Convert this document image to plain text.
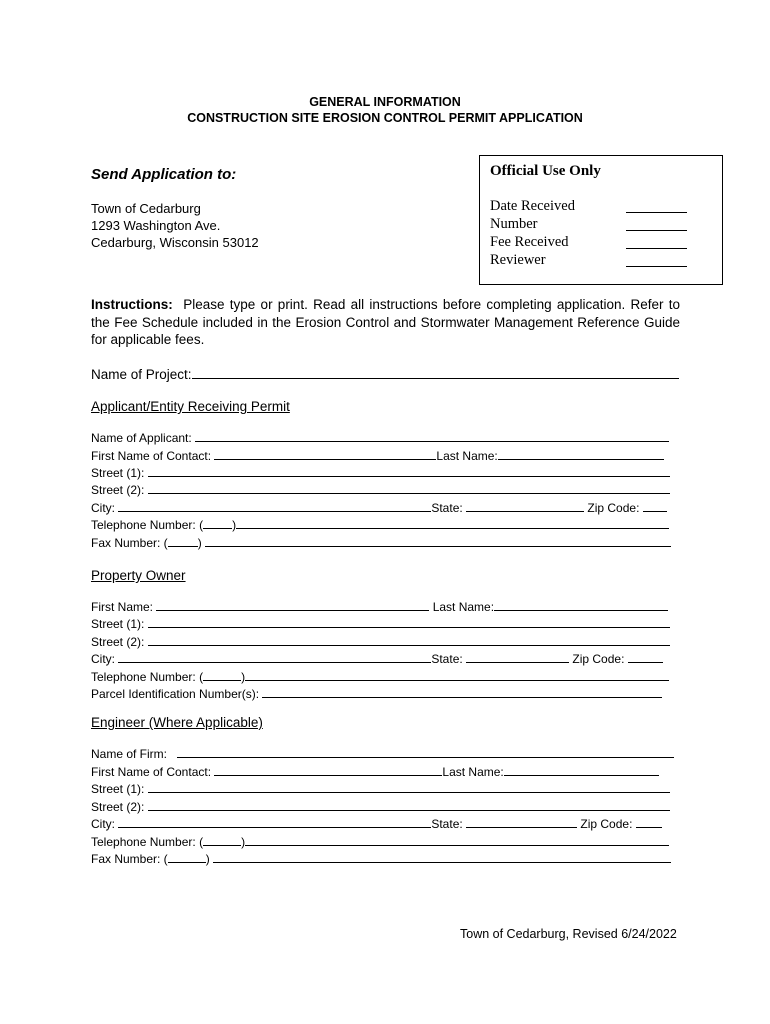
GENERAL INFORMATION
CONSTRUCTION SITE EROSION CONTROL PERMIT APPLICATION
Send Application to:
Town of Cedarburg
1293 Washington Ave.
Cedarburg, Wisconsin 53012
Official Use Only
Date Received
Number
Fee Received
Reviewer
Instructions: Please type or print. Read all instructions before completing application. Refer to the Fee Schedule included in the Erosion Control and Stormwater Management Reference Guide for applicable fees.
Name of Project:
Applicant/Entity Receiving Permit
Name of Applicant:
First Name of Contact:	Last Name:
Street (1):
Street (2):
City:	State:	Zip Code:
Telephone Number: ( )
Fax Number: (	)
Property Owner
First Name:	Last Name:
Street (1):
Street (2):
City:	State:	Zip Code:
Telephone Number: (	)
Parcel Identification Number(s):
Engineer (Where Applicable)
Name of Firm:
First Name of Contact:	Last Name:
Street (1):
Street (2):
City:	State:	Zip Code:
Telephone Number: (	)
Fax Number: (	)
Town of Cedarburg, Revised 6/24/2022
